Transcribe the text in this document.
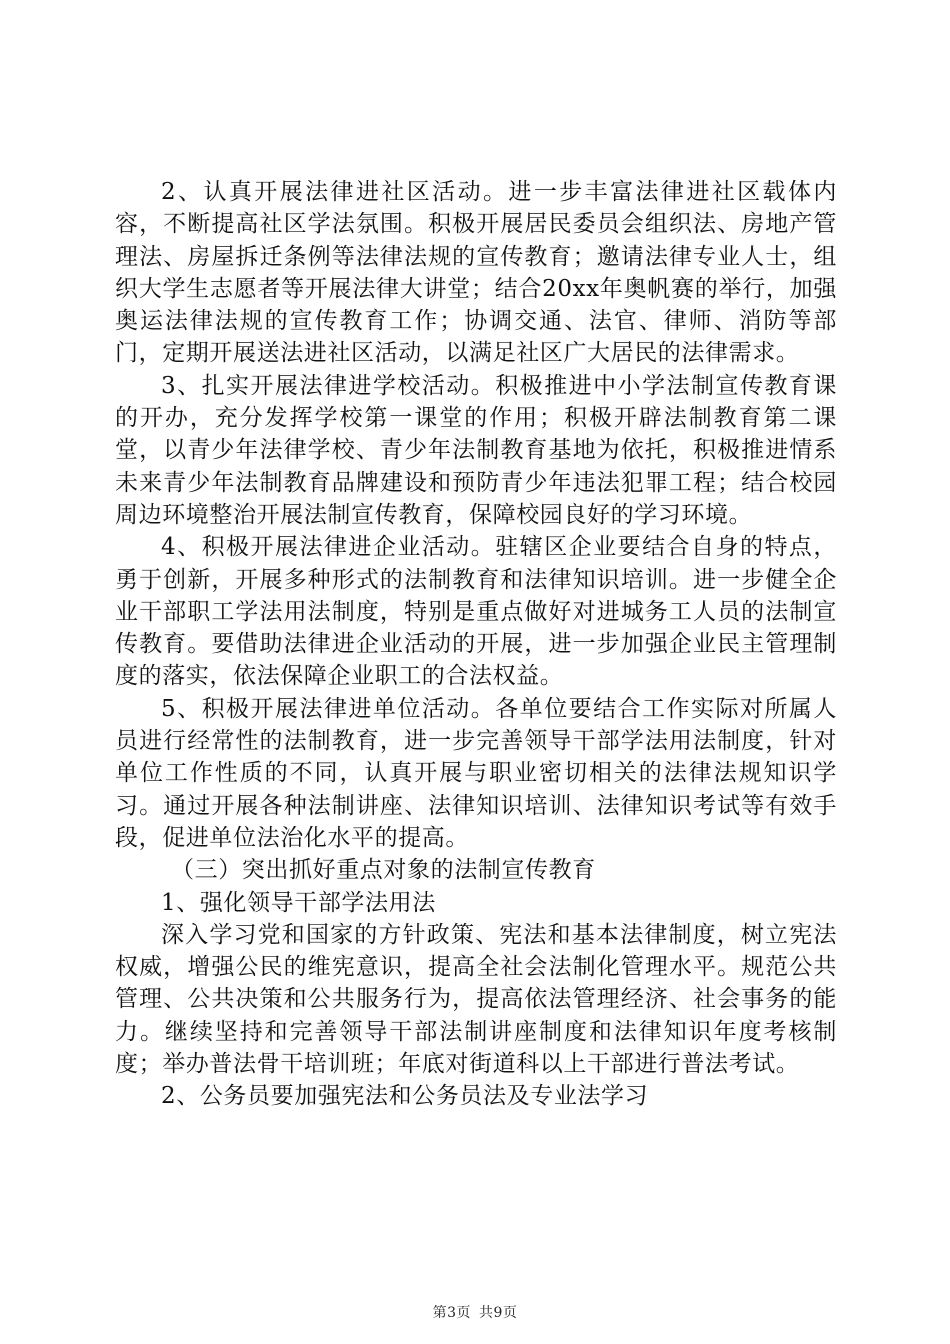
2、认真开展法律进社区活动。进一步丰富法律进社区载体内容，不断提高社区学法氛围。积极开展居民委员会组织法、房地产管理法、房屋拆迁条例等法律法规的宣传教育；邀请法律专业人士，组织大学生志愿者等开展法律大讲堂；结合20xx年奥帆赛的举行，加强奥运法律法规的宣传教育工作；协调交通、法官、律师、消防等部门，定期开展送法进社区活动，以满足社区广大居民的法律需求。

3、扎实开展法律进学校活动。积极推进中小学法制宣传教育课的开办，充分发挥学校第一课堂的作用；积极开辟法制教育第二课堂，以青少年法律学校、青少年法制教育基地为依托，积极推进情系未来青少年法制教育品牌建设和预防青少年违法犯罪工程；结合校园周边环境整治开展法制宣传教育，保障校园良好的学习环境。

4、积极开展法律进企业活动。驻辖区企业要结合自身的特点，勇于创新，开展多种形式的法制教育和法律知识培训。进一步健全企业干部职工学法用法制度，特别是重点做好对进城务工人员的法制宣传教育。要借助法律进企业活动的开展，进一步加强企业民主管理制度的落实，依法保障企业职工的合法权益。

5、积极开展法律进单位活动。各单位要结合工作实际对所属人员进行经常性的法制教育，进一步完善领导干部学法用法制度，针对单位工作性质的不同，认真开展与职业密切相关的法律法规知识学习。通过开展各种法制讲座、法律知识培训、法律知识考试等有效手段，促进单位法治化水平的提高。

（三）突出抓好重点对象的法制宣传教育

1、强化领导干部学法用法

深入学习党和国家的方针政策、宪法和基本法律制度，树立宪法权威，增强公民的维宪意识，提高全社会法制化管理水平。规范公共管理、公共决策和公共服务行为，提高依法管理经济、社会事务的能力。继续坚持和完善领导干部法制讲座制度和法律知识年度考核制度；举办普法骨干培训班；年底对街道科以上干部进行普法考试。

2、公务员要加强宪法和公务员法及专业法学习

第3页 共9页
